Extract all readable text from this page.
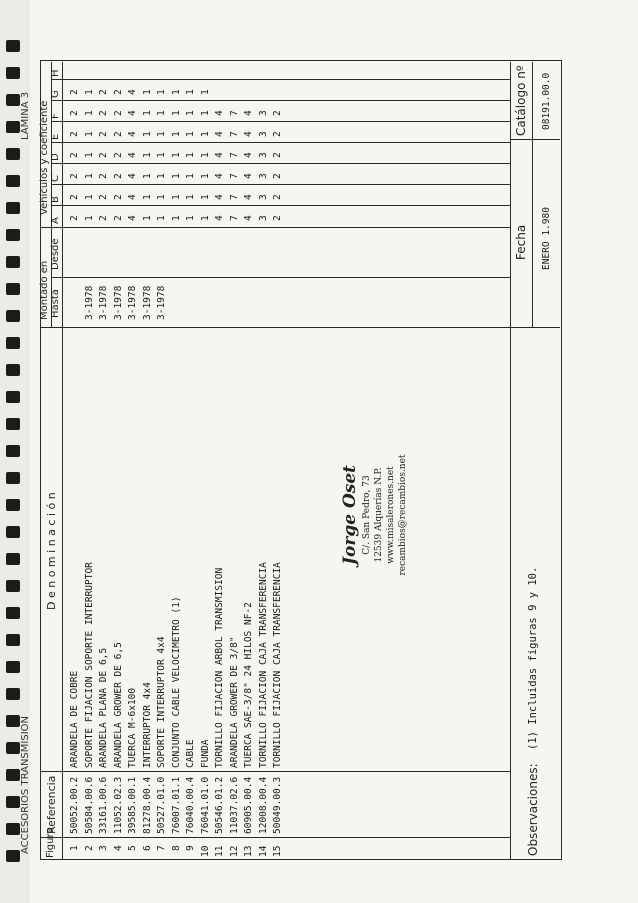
ACCESORIOS TRANSMISION
LAMINA 3
Figura
Referencia
D e n o m i n a c i ó n
Montado en
Vehículos y coeficiente
Hasta
Desde
A
B
C
D
E
F
G
H
1
50052.00.2
ARANDELA DE COBRE
2
2
2
2
2
2
2
2
50584.00.6
SOPORTE FIJACION SOPORTE INTERRUPTOR
3-1978
1
1
1
1
1
1
1
3
33161.00.6
ARANDELA PLANA DE 6,5
3-1978
2
2
2
2
2
2
2
4
11052.02.3
ARANDELA GROWER DE 6,5
3-1978
2
2
2
2
2
2
2
5
39585.00.1
TUERCA M-6x100
3-1978
4
4
4
4
4
4
4
6
81278.00.4
INTERRUPTOR 4x4
3-1978
1
1
1
1
1
1
1
7
50527.01.0
SOPORTE INTERRUPTOR 4x4
3-1978
1
1
1
1
1
1
1
8
76007.01.1
CONJUNTO CABLE VELOCIMETRO (1)
1
1
1
1
1
1
1
9
76040.00.4
CABLE
1
1
1
1
1
1
1
10
76041.01.0
FUNDA
1
1
1
1
1
1
1
11
50546.01.2
TORNILLO FIJACION ARBOL TRANSMISION
4
4
4
4
4
4
12
11037.02.6
ARANDELA GROWER DE 3/8"
7
7
7
7
7
7
13
60905.00.4
TUERCA SAE-3/8" 24 HILOS NF-2
4
4
4
4
4
4
14
12008.00.4
TORNILLO FIJACION CAJA TRANSFERENCIA
3
3
3
3
3
3
15
50049.00.3
TORNILLO FIJACION CAJA TRANSFERENCIA
2
2
2
2
2
2
Jorge Oset C/. San Pedro, 73 12539 Alquerías N.P. www.misalerones.net recambios@recambios.net
Observaciones:
(1) Incluidas figuras 9 y 10.
Fecha ENERO 1.980
Catálogo nº 08191.00.0
